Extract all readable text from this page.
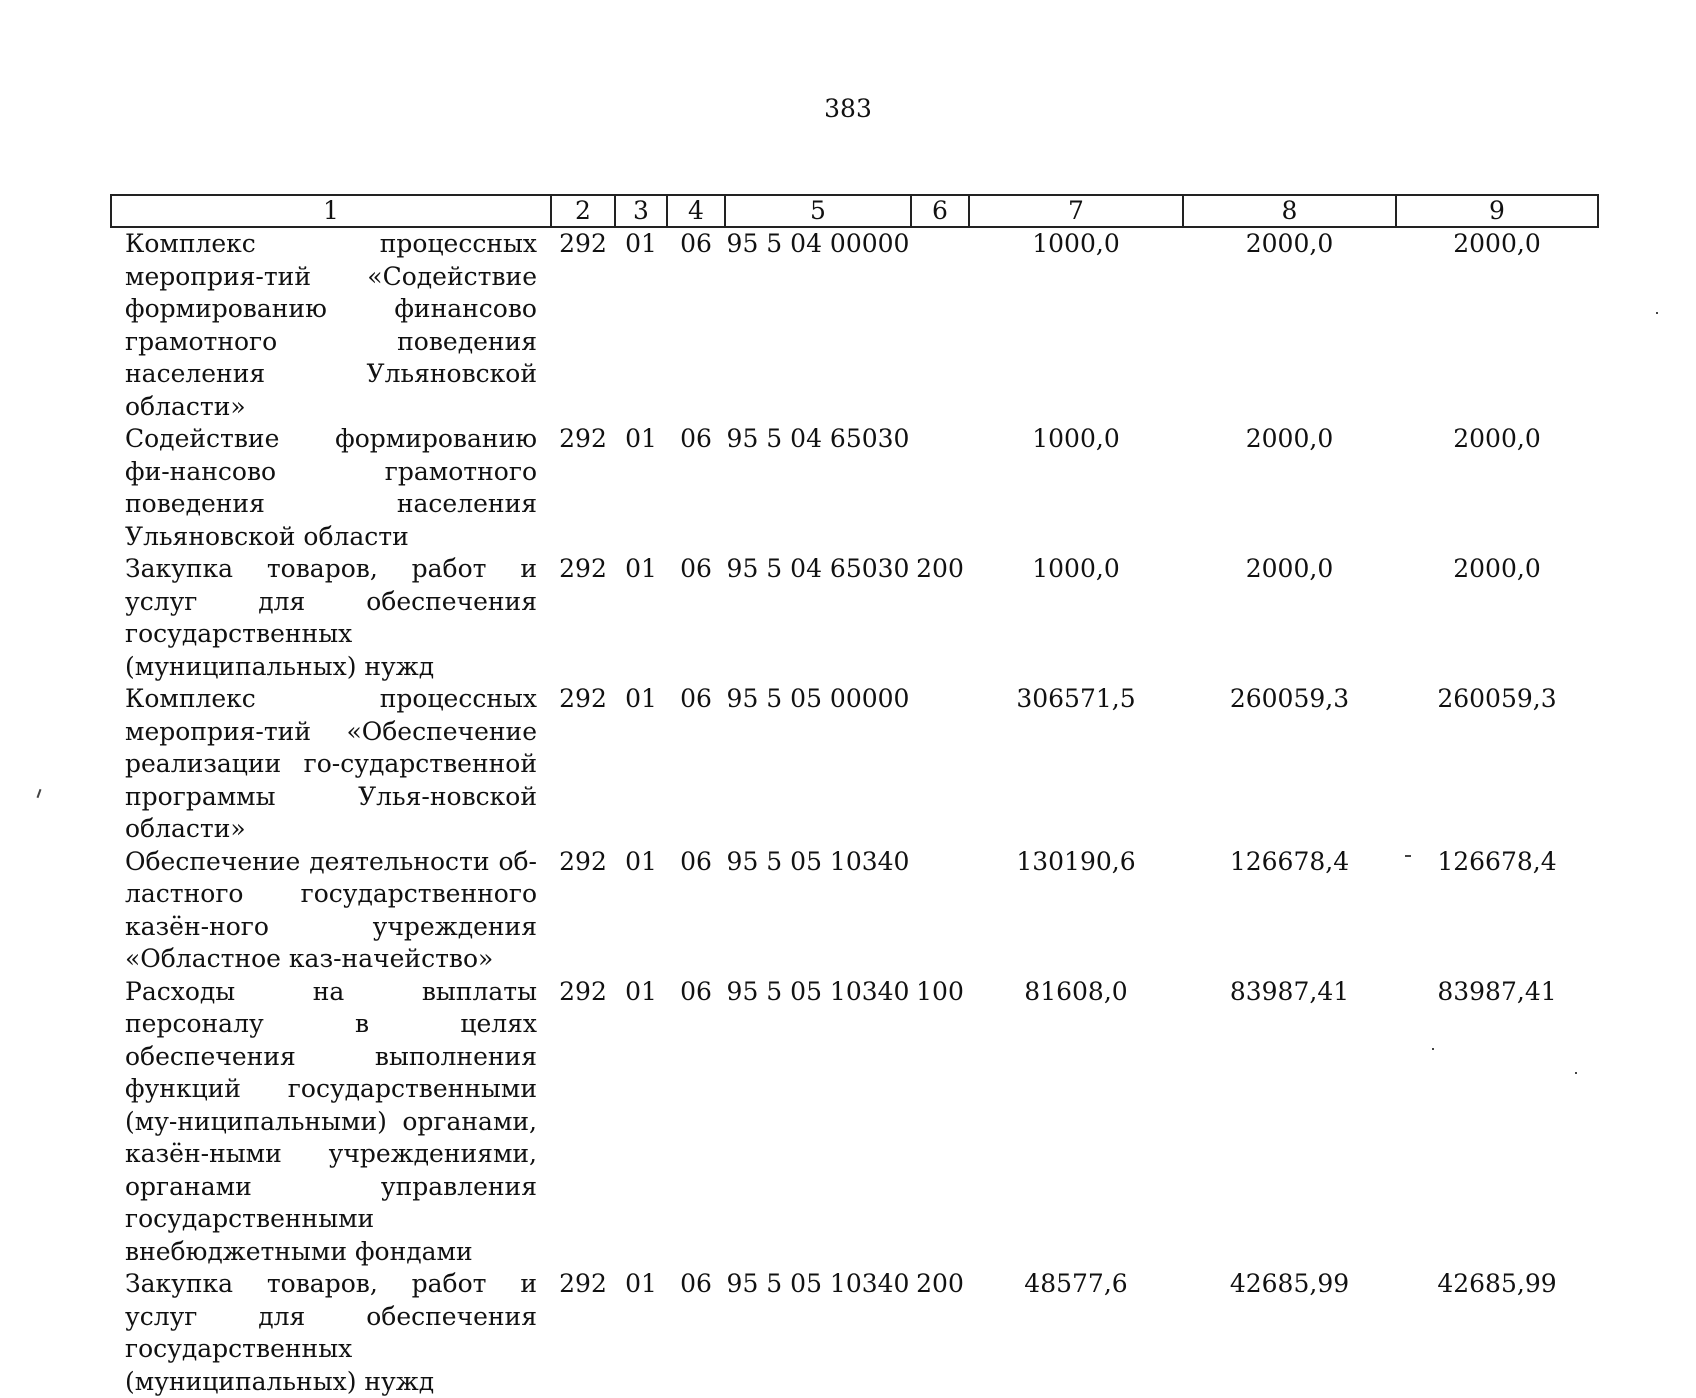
383
1	2	3	4	5	6	7	8	9
Комплекс процессных мероприя-тий «Содействие формированию финансово грамотного поведения населения Ульяновской области»	292	01	06	95 5 04 00000		1000,0	2000,0	2000,0
Содействие формированию фи-нансово грамотного поведения населения Ульяновской области	292	01	06	95 5 04 65030		1000,0	2000,0	2000,0
Закупка товаров, работ и услуг для обеспечения государственных (муниципальных) нужд	292	01	06	95 5 04 65030	200	1000,0	2000,0	2000,0
Комплекс процессных мероприя-тий «Обеспечение реализации го-сударственной программы Улья-новской области»	292	01	06	95 5 05 00000		306571,5	260059,3	260059,3
Обеспечение деятельности об-ластного государственного казён-ного учреждения «Областное каз-начейство»	292	01	06	95 5 05 10340		130190,6	126678,4	126678,4
Расходы на выплаты персоналу в целях обеспечения выполнения функций государственными (му-ниципальными) органами, казён-ными учреждениями, органами управления государственными внебюджетными фондами	292	01	06	95 5 05 10340	100	81608,0	83987,41	83987,41
Закупка товаров, работ и услуг для обеспечения государственных (муниципальных) нужд	292	01	06	95 5 05 10340	200	48577,6	42685,99	42685,99
